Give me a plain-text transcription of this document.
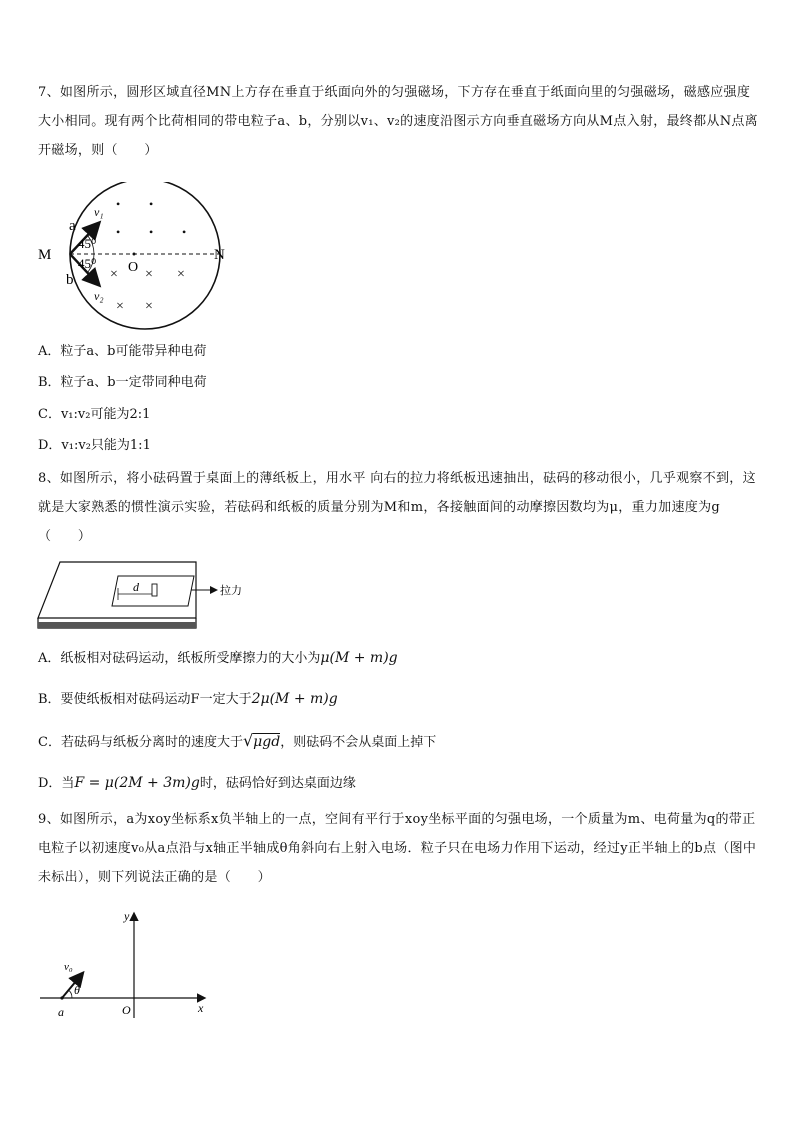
7、如图所示，圆形区域直径MN上方存在垂直于纸面向外的匀强磁场，下方存在垂直于纸面向里的匀强磁场，磁感应强度大小相同。现有两个比荷相同的带电粒子a、b，分别以v₁、v₂的速度沿图示方向垂直磁场方向从M点入射，最终都从N点离开磁场，则（　　）

• •
• • •
× × ×
× ×
M	N
O
a
b
v₁
v₂
45⁰
45⁰

A．粒子a、b可能带异种电荷

B．粒子a、b一定带同种电荷

C．v₁:v₂可能为2:1

D．v₁:v₂只能为1:1

8、如图所示，将小砝码置于桌面上的薄纸板上，用水平 向右的拉力将纸板迅速抽出，砝码的移动很小，几乎观察不到，这就是大家熟悉的惯性演示实验，若砝码和纸板的质量分别为M和m，各接触面间的动摩擦因数均为μ，重力加速度为g（　　）

d	拉力

A．纸板相对砝码运动，纸板所受摩擦力的大小为μ(M + m)g

B．要使纸板相对砝码运动F一定大于2μ(M + m)g

C．若砝码与纸板分离时的速度大于√μgd，则砝码不会从桌面上掉下

D．当F = μ(2M + 3m)g时，砝码恰好到达桌面边缘

9、如图所示，a为xoy坐标系x负半轴上的一点，空间有平行于xoy坐标平面的匀强电场，一个质量为m、电荷量为q的带正电粒子以初速度v₀从a点沿与x轴正半轴成θ角斜向右上射入电场．粒子只在电场力作用下运动，经过y正半轴上的b点（图中未标出），则下列说法正确的是（　　）

y
x
O
a
v₀
θ
